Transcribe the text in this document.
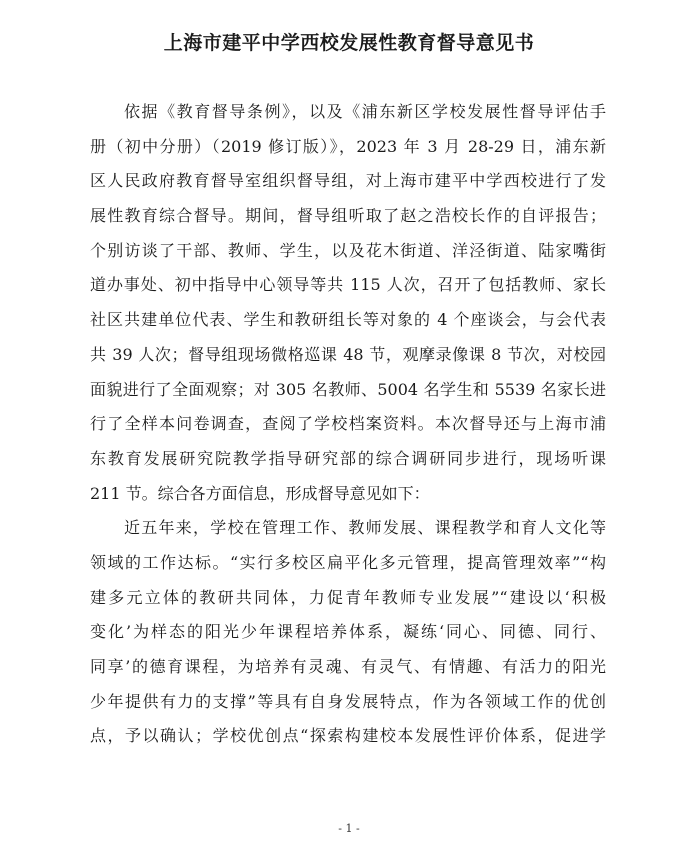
上海市建平中学西校发展性教育督导意见书
依据《教育督导条例》，以及《浦东新区学校发展性督导评估手
册（初中分册）（2019 修订版）》，2023 年 3 月 28-29 日，浦东新
区人民政府教育督导室组织督导组，对上海市建平中学西校进行了发
展性教育综合督导。期间，督导组听取了赵之浩校长作的自评报告；
个别访谈了干部、教师、学生，以及花木街道、洋泾街道、陆家嘴街
道办事处、初中指导中心领导等共 115 人次，召开了包括教师、家长
社区共建单位代表、学生和教研组长等对象的 4 个座谈会，与会代表
共 39 人次；督导组现场微格巡课 48 节，观摩录像课 8 节次，对校园
面貌进行了全面观察；对 305 名教师、5004 名学生和 5539 名家长进
行了全样本问卷调查，查阅了学校档案资料。本次督导还与上海市浦
东教育发展研究院教学指导研究部的综合调研同步进行，现场听课
211 节。综合各方面信息，形成督导意见如下：
近五年来，学校在管理工作、教师发展、课程教学和育人文化等
领域的工作达标。“实行多校区扁平化多元管理，提高管理效率”“构
建多元立体的教研共同体，力促青年教师专业发展”“建设以‘积极
变化’为样态的阳光少年课程培养体系，凝练‘同心、同德、同行、
同享’的德育课程，为培养有灵魂、有灵气、有情趣、有活力的阳光
少年提供有力的支撑”等具有自身发展特点，作为各领域工作的优创
点，予以确认；学校优创点“探索构建校本发展性评价体系，促进学
- 1 -
